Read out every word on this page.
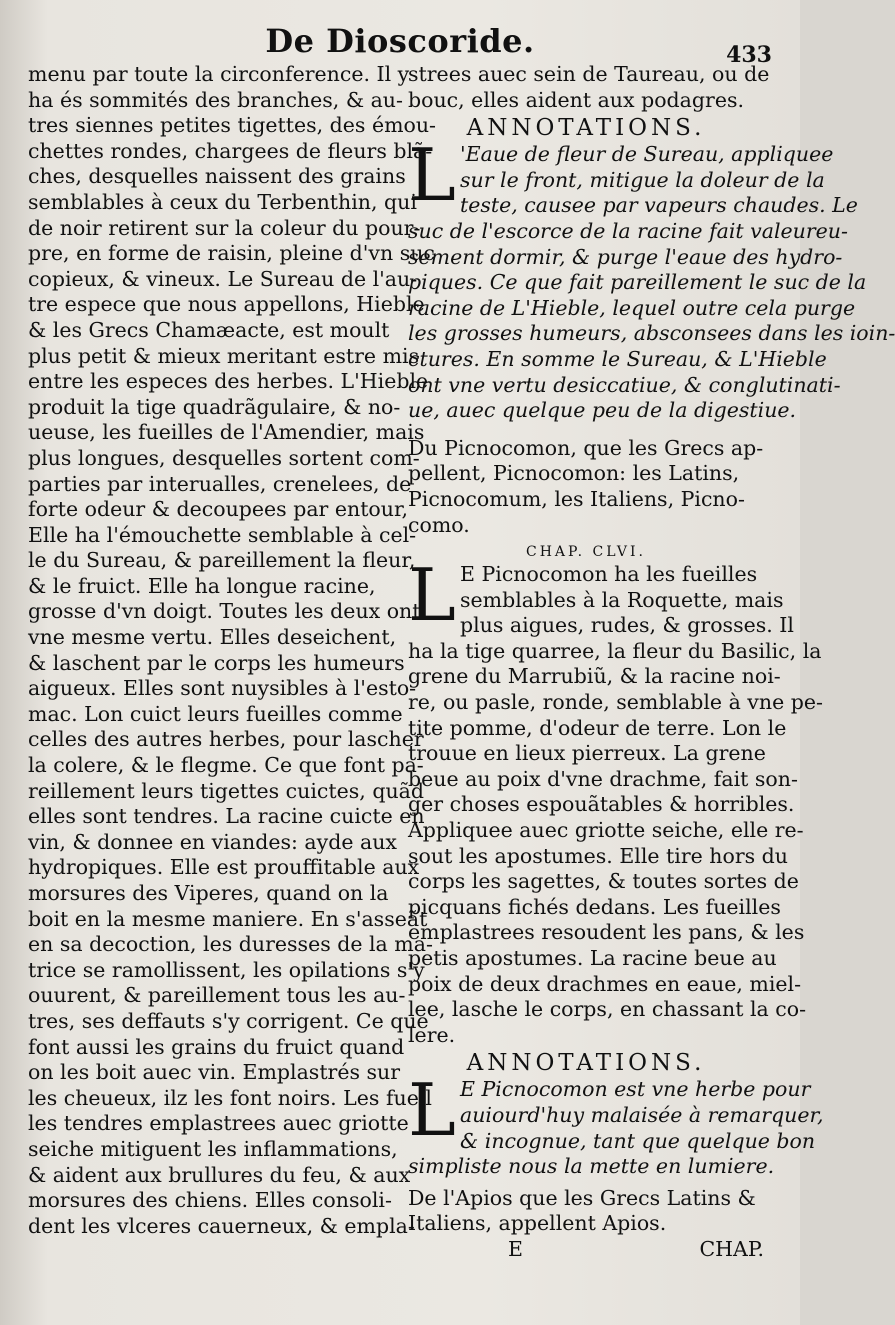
De Dioscoride.	433
menu par toute la circonference. Il y
ha és sommités des branches, & au-
tres siennes petites tigettes, des émou-
chettes rondes, chargees de fleurs blã-
ches, desquelles naissent des grains
semblables à ceux du Terbenthin, qui
de noir retirent sur la coleur du pour-
pre, en forme de raisin, pleine d'vn suc
copieux, & vineux. Le Sureau de l'au-
tre espece que nous appellons, Hieble
& les Grecs Chamæacte, est moult
plus petit & mieux meritant estre mis
entre les especes des herbes. L'Hieble
produit la tige quadrãgulaire, & no-
ueuse, les fueilles de l'Amendier, mais
plus longues, desquelles sortent com-
parties par interualles, crenelees, de
forte odeur & decoupees par entour,
Elle ha l'émouchette semblable à cel-
le du Sureau, & pareillement la fleur,
& le fruict. Elle ha longue racine,
grosse d'vn doigt. Toutes les deux ont
vne mesme vertu. Elles deseichent,
& laschent par le corps les humeurs
aigueux. Elles sont nuysibles à l'esto-
mac. Lon cuict leurs fueilles comme
celles des autres herbes, pour lascher
la colere, & le flegme. Ce que font pa-
reillement leurs tigettes cuictes, quãd
elles sont tendres. La racine cuicte en
vin, & donnee en viandes: ayde aux
hydropiques. Elle est prouffitable aux
morsures des Viperes, quand on la
boit en la mesme maniere. En s'asseãt
en sa decoction, les duresses de la ma-
trice se ramollissent, les opilations s'y
ouurent, & pareillement tous les au-
tres, ses deffauts s'y corrigent. Ce que
font aussi les grains du fruict quand
on les boit auec vin. Emplastrés sur
les cheueux, ilz les font noirs. Les fueil
les tendres emplastrees auec griotte
seiche mitiguent les inflammations,
& aident aux brullures du feu, & aux
morsures des chiens. Elles consoli-
dent les vlceres cauerneux, & empla-
strees auec sein de Taureau, ou de
bouc, elles aident aux podagres.
ANNOTATIONS.
L 'Eaue de fleur de Sureau, appliquee
sur le front, mitigue la doleur de la
teste, causee par vapeurs chaudes. Le
suc de l'escorce de la racine fait valeureu-
sement dormir, & purge l'eaue des hydro-
piques. Ce que fait pareillement le suc de la
racine de L'Hieble, lequel outre cela purge
les grosses humeurs, absconsees dans les ioin-
ctures. En somme le Sureau, & L'Hieble
ont vne vertu desiccatiue, & conglutinati-
ue, auec quelque peu de la digestiue.
Du Picnocomon, que les Grecs ap-
pellent, Picnocomon: les Latins,
Picnocomum, les Italiens, Picno-
como.
CHAP. CLVI.
L E Picnocomon ha les fueilles
semblables à la Roquette, mais
plus aigues, rudes, & grosses. Il
ha la tige quarree, la fleur du Basilic, la
grene du Marrubiũ, & la racine noi-
re, ou pasle, ronde, semblable à vne pe-
tite pomme, d'odeur de terre. Lon le
trouue en lieux pierreux. La grene
beue au poix d'vne drachme, fait son-
ger choses espouãtables & horribles.
Appliquee auec griotte seiche, elle re-
sout les apostumes. Elle tire hors du
corps les sagettes, & toutes sortes de
picquans fichés dedans. Les fueilles
emplastrees resoudent les pans, & les
petis apostumes. La racine beue au
poix de deux drachmes en eaue, miel-
lee, lasche le corps, en chassant la co-
lere.
ANNOTATIONS.
L E Picnocomon est vne herbe pour
auiourd'huy malaisée à remarquer,
& incognue, tant que quelque bon
simpliste nous la mette en lumiere.
De l'Apios que les Grecs Latins &
Italiens, appellent Apios.
E	CHAP.
